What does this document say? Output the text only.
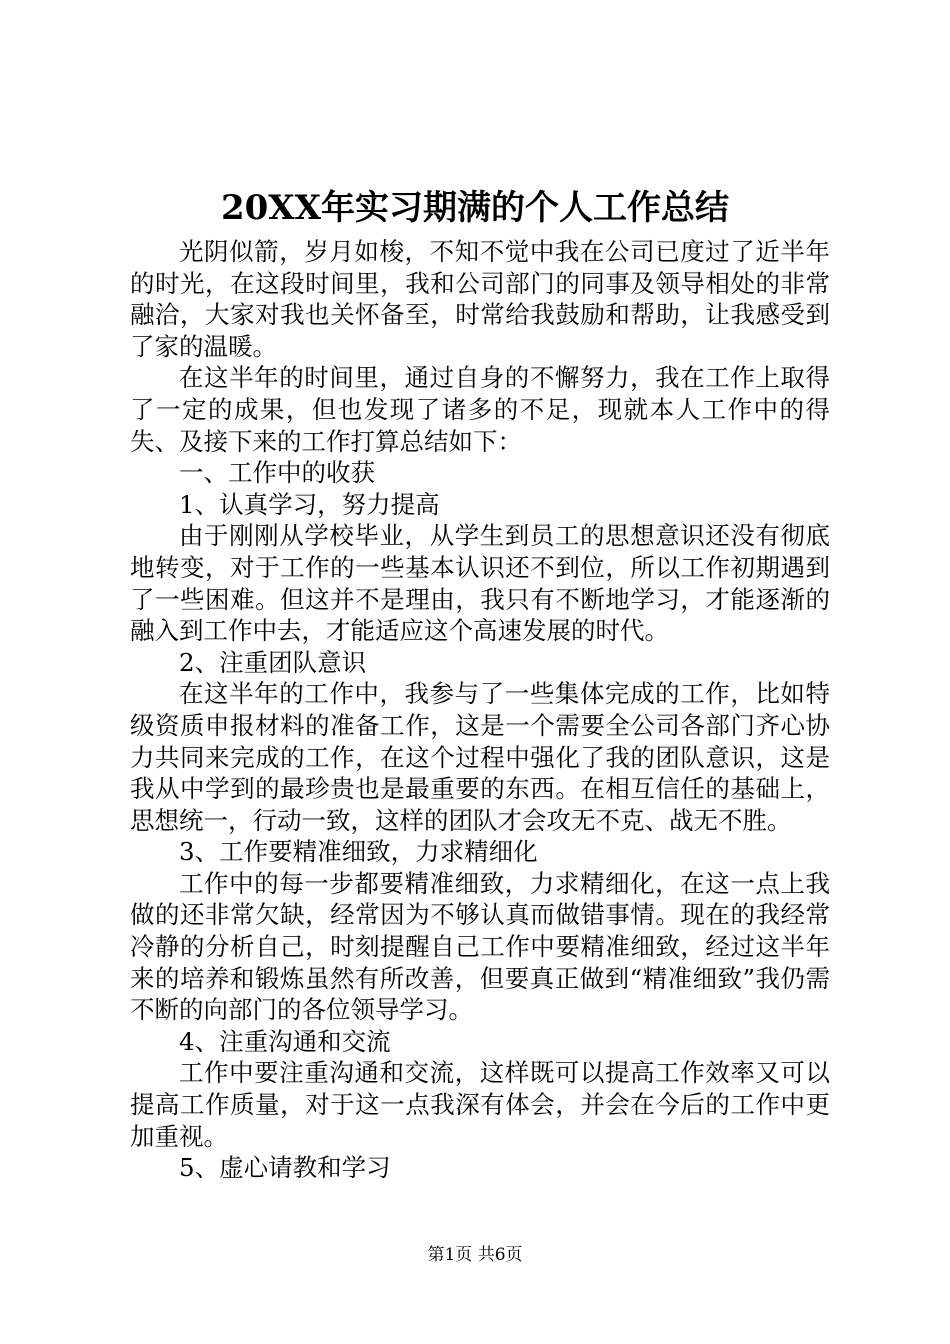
20XX年实习期满的个人工作总结

光阴似箭，岁月如梭，不知不觉中我在公司已度过了近半年的时光，在这段时间里，我和公司部门的同事及领导相处的非常融洽，大家对我也关怀备至，时常给我鼓励和帮助，让我感受到了家的温暖。

在这半年的时间里，通过自身的不懈努力，我在工作上取得了一定的成果，但也发现了诸多的不足，现就本人工作中的得失、及接下来的工作打算总结如下：

一、工作中的收获

1、认真学习，努力提高

由于刚刚从学校毕业，从学生到员工的思想意识还没有彻底地转变，对于工作的一些基本认识还不到位，所以工作初期遇到了一些困难。但这并不是理由，我只有不断地学习，才能逐渐的融入到工作中去，才能适应这个高速发展的时代。

2、注重团队意识

在这半年的工作中，我参与了一些集体完成的工作，比如特级资质申报材料的准备工作，这是一个需要全公司各部门齐心协力共同来完成的工作，在这个过程中强化了我的团队意识，这是我从中学到的最珍贵也是最重要的东西。在相互信任的基础上，思想统一，行动一致，这样的团队才会攻无不克、战无不胜。

3、工作要精准细致，力求精细化

工作中的每一步都要精准细致，力求精细化，在这一点上我做的还非常欠缺，经常因为不够认真而做错事情。现在的我经常冷静的分析自己，时刻提醒自己工作中要精准细致，经过这半年来的培养和锻炼虽然有所改善，但要真正做到“精准细致”我仍需不断的向部门的各位领导学习。

4、注重沟通和交流

工作中要注重沟通和交流，这样既可以提高工作效率又可以提高工作质量，对于这一点我深有体会，并会在今后的工作中更加重视。

5、虚心请教和学习

第1页 共6页
